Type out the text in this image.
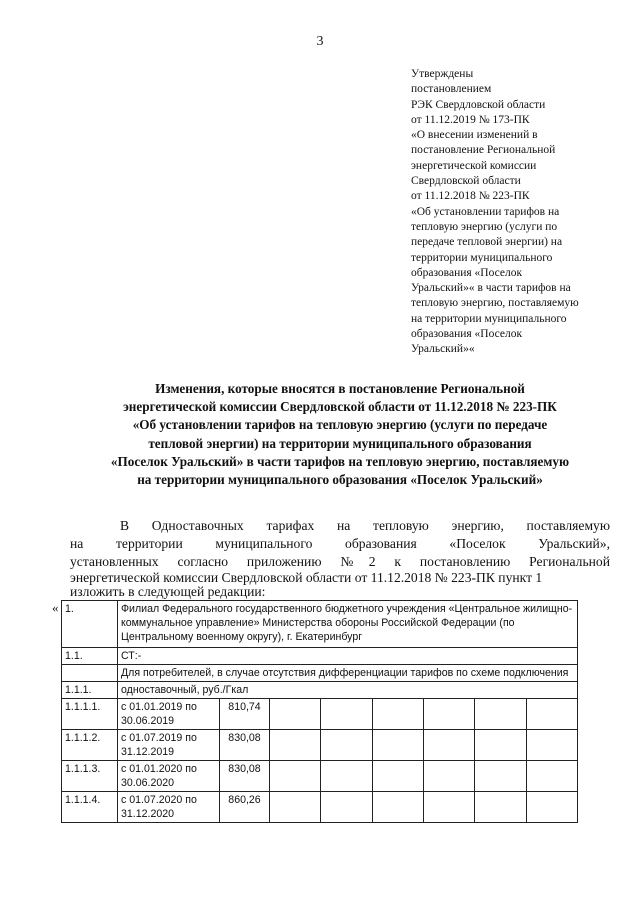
3
Утверждены
постановлением
РЭК Свердловской области
от 11.12.2019 № 173-ПК
«О внесении изменений в
постановление Региональной
энергетической комиссии
Свердловской области
от 11.12.2018 № 223-ПК
«Об установлении тарифов на
тепловую энергию (услуги по
передаче тепловой энергии) на
территории муниципального
образования «Поселок
Уральский»« в части тарифов на
тепловую энергию, поставляемую
на территории муниципального
образования «Поселок
Уральский»«
Изменения, которые вносятся в постановление Региональной
энергетической комиссии Свердловской области от 11.12.2018 № 223-ПК
«Об установлении тарифов на тепловую энергию (услуги по передаче
тепловой энергии) на территории муниципального образования
«Поселок Уральский» в части тарифов на тепловую энергию, поставляемую
на территории муниципального образования «Поселок Уральский»
В Одноставочных тарифах на тепловую энергию, поставляемую
на территории муниципального образования «Поселок Уральский»,
установленных согласно приложению №2 к постановлению Региональной
энергетической комиссии Свердловской области от 11.12.2018 № 223-ПК пункт 1
изложить в следующей редакции:
« 1.	Филиал Федерального государственного бюджетного учреждения «Центральное жилищно-коммунальное управление» Министерства обороны Российской Федерации (по Центральному военному округу), г. Екатеринбург							
1.1.	СТ:-							
	Для потребителей, в случае отсутствия дифференциации тарифов по схеме подключения							
1.1.1.	одноставочный, руб./Гкал							
1.1.1.1.	с 01.01.2019 по 30.06.2019	810,74						
1.1.1.2.	с 01.07.2019 по 31.12.2019	830,08						
1.1.1.3.	с 01.01.2020 по 30.06.2020	830,08						
1.1.1.4.	с 01.07.2020 по 31.12.2020	860,26						
